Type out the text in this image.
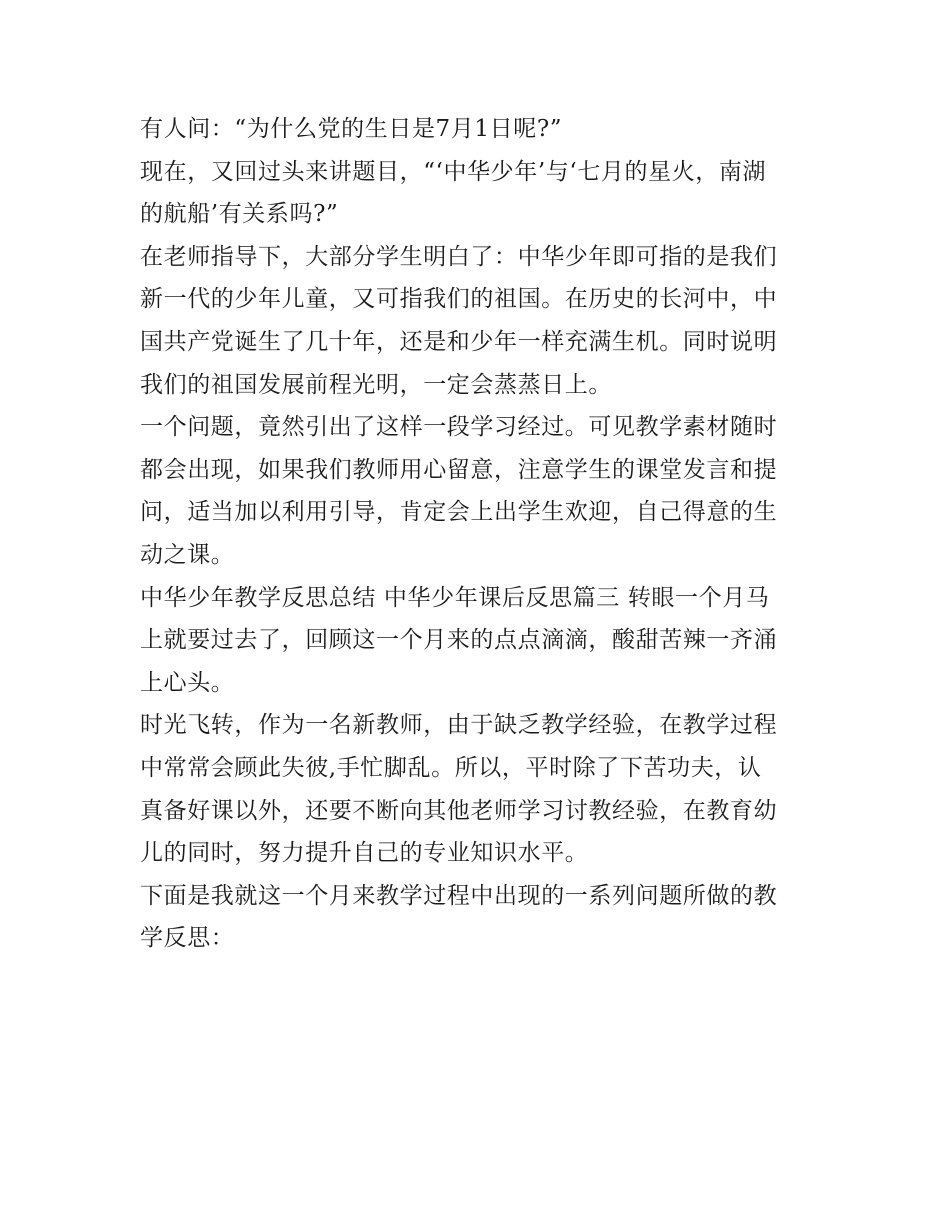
有人问：“为什么党的生日是7月1日呢?”

现在，又回过头来讲题目，“‘中华少年’与‘七月的星火，南湖
的航船’有关系吗?”

在老师指导下，大部分学生明白了：中华少年即可指的是我们
新一代的少年儿童，又可指我们的祖国。在历史的长河中，中
国共产党诞生了几十年，还是和少年一样充满生机。同时说明
我们的祖国发展前程光明，一定会蒸蒸日上。

一个问题，竟然引出了这样一段学习经过。可见教学素材随时
都会出现，如果我们教师用心留意，注意学生的课堂发言和提
问，适当加以利用引导，肯定会上出学生欢迎，自己得意的生
动之课。

中华少年教学反思总结 中华少年课后反思篇三 转眼一个月马
上就要过去了，回顾这一个月来的点点滴滴，酸甜苦辣一齐涌
上心头。

时光飞转，作为一名新教师，由于缺乏教学经验，在教学过程
中常常会顾此失彼,手忙脚乱。所以，平时除了下苦功夫，认
真备好课以外，还要不断向其他老师学习讨教经验，在教育幼
儿的同时，努力提升自己的专业知识水平。

下面是我就这一个月来教学过程中出现的一系列问题所做的教
学反思：
